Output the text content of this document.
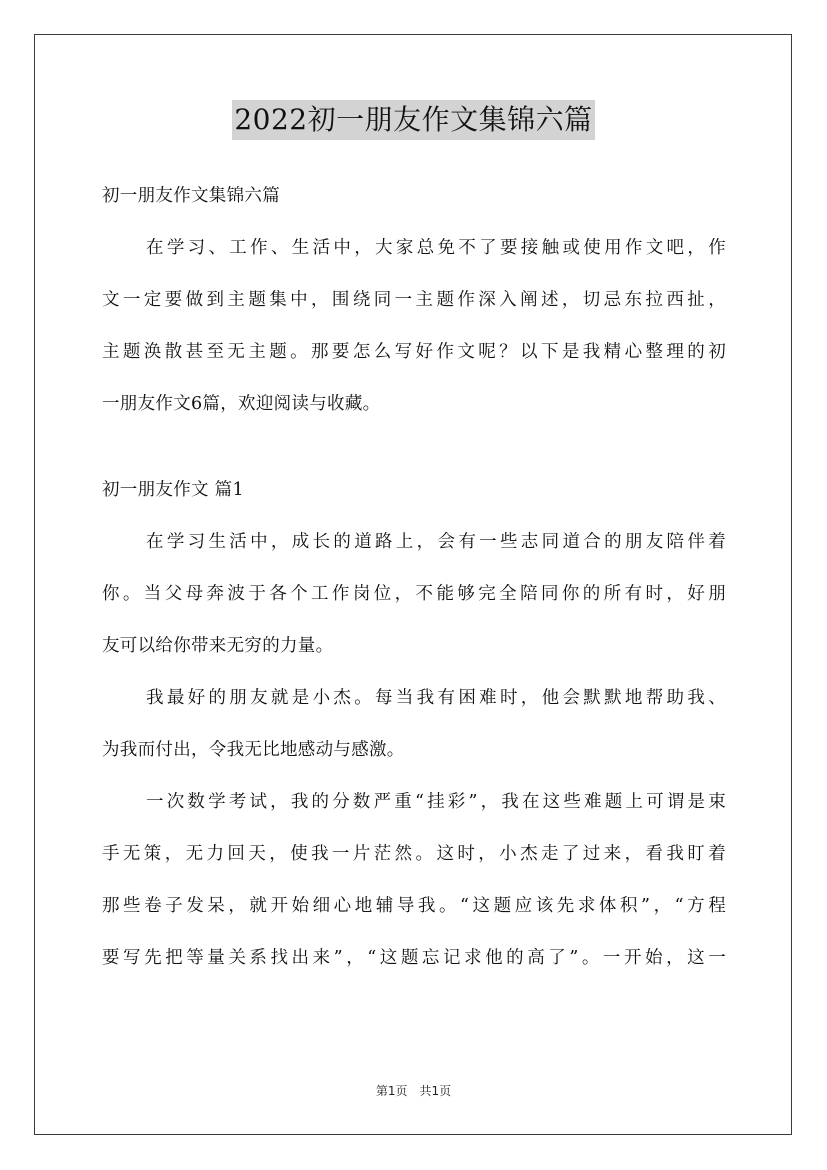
2022初一朋友作文集锦六篇
初一朋友作文集锦六篇
在学习、工作、生活中，大家总免不了要接触或使用作文吧，作
文一定要做到主题集中，围绕同一主题作深入阐述，切忌东拉西扯，
主题涣散甚至无主题。那要怎么写好作文呢？以下是我精心整理的初
一朋友作文6篇，欢迎阅读与收藏。
初一朋友作文 篇1
在学习生活中，成长的道路上，会有一些志同道合的朋友陪伴着
你。当父母奔波于各个工作岗位，不能够完全陪同你的所有时，好朋
友可以给你带来无穷的力量。
我最好的朋友就是小杰。每当我有困难时，他会默默地帮助我、
为我而付出，令我无比地感动与感激。
一次数学考试，我的分数严重“挂彩”，我在这些难题上可谓是束
手无策，无力回天，使我一片茫然。这时，小杰走了过来，看我盯着
那些卷子发呆，就开始细心地辅导我。“这题应该先求体积”，“方程
要写先把等量关系找出来”，“这题忘记求他的高了”。一开始，这一
第1页　共1页
